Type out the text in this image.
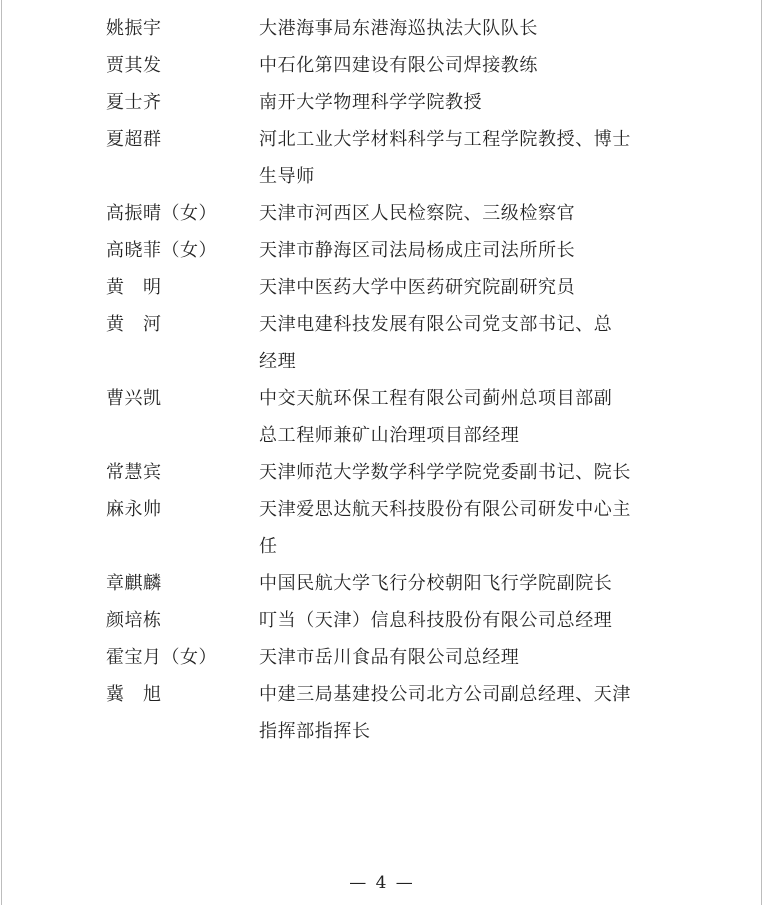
姚振宇	大港海事局东港海巡执法大队队长
贾其发	中石化第四建设有限公司焊接教练
夏士齐	南开大学物理科学学院教授
夏超群	河北工业大学材料科学与工程学院教授、博士
生导师
高振晴（女） 天津市河西区人民检察院、三级检察官
高晓菲（女） 天津市静海区司法局杨成庄司法所所长
黄　明	天津中医药大学中医药研究院副研究员
黄　河	天津电建科技发展有限公司党支部书记、总
经理
曹兴凯	中交天航环保工程有限公司蓟州总项目部副
总工程师兼矿山治理项目部经理
常慧宾	天津师范大学数学科学学院党委副书记、院长
麻永帅	天津爱思达航天科技股份有限公司研发中心主
任
章麒麟	中国民航大学飞行分校朝阳飞行学院副院长
颜培栋	叮当（天津）信息科技股份有限公司总经理
霍宝月（女） 天津市岳川食品有限公司总经理
冀　旭	中建三局基建投公司北方公司副总经理、天津
指挥部指挥长
— 4 —
